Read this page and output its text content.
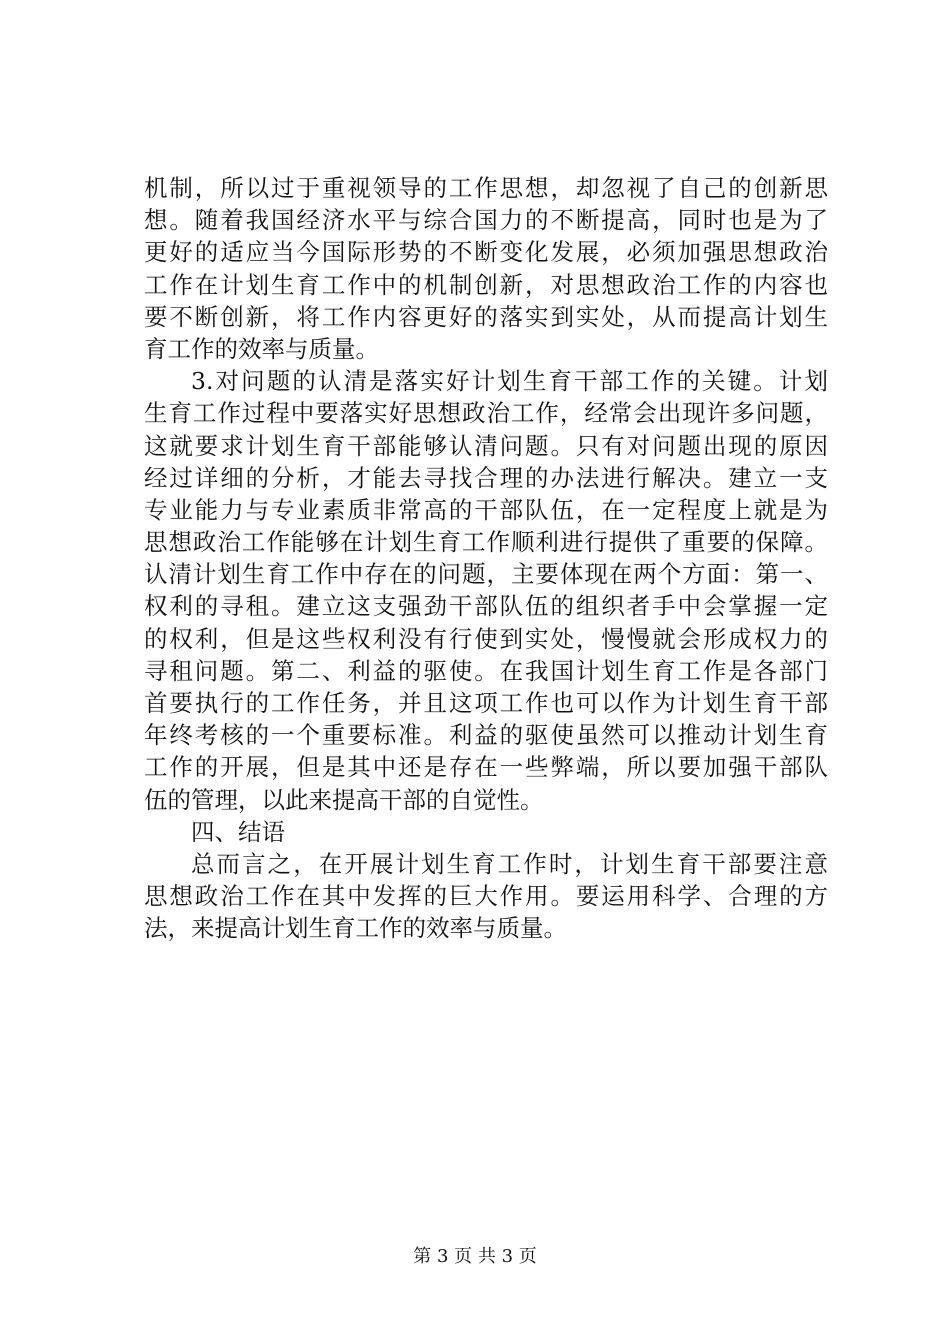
机制，所以过于重视领导的工作思想，却忽视了自己的创新思
想。随着我国经济水平与综合国力的不断提高，同时也是为了
更好的适应当今国际形势的不断变化发展，必须加强思想政治
工作在计划生育工作中的机制创新，对思想政治工作的内容也
要不断创新，将工作内容更好的落实到实处，从而提高计划生
育工作的效率与质量。
3.对问题的认清是落实好计划生育干部工作的关键。计划
生育工作过程中要落实好思想政治工作，经常会出现许多问题，
这就要求计划生育干部能够认清问题。只有对问题出现的原因
经过详细的分析，才能去寻找合理的办法进行解决。建立一支
专业能力与专业素质非常高的干部队伍，在一定程度上就是为
思想政治工作能够在计划生育工作顺利进行提供了重要的保障。
认清计划生育工作中存在的问题，主要体现在两个方面：第一、
权利的寻租。建立这支强劲干部队伍的组织者手中会掌握一定
的权利，但是这些权利没有行使到实处，慢慢就会形成权力的
寻租问题。第二、利益的驱使。在我国计划生育工作是各部门
首要执行的工作任务，并且这项工作也可以作为计划生育干部
年终考核的一个重要标准。利益的驱使虽然可以推动计划生育
工作的开展，但是其中还是存在一些弊端，所以要加强干部队
伍的管理，以此来提高干部的自觉性。
四、结语
总而言之，在开展计划生育工作时，计划生育干部要注意
思想政治工作在其中发挥的巨大作用。要运用科学、合理的方
法，来提高计划生育工作的效率与质量。
第 3 页 共 3 页
